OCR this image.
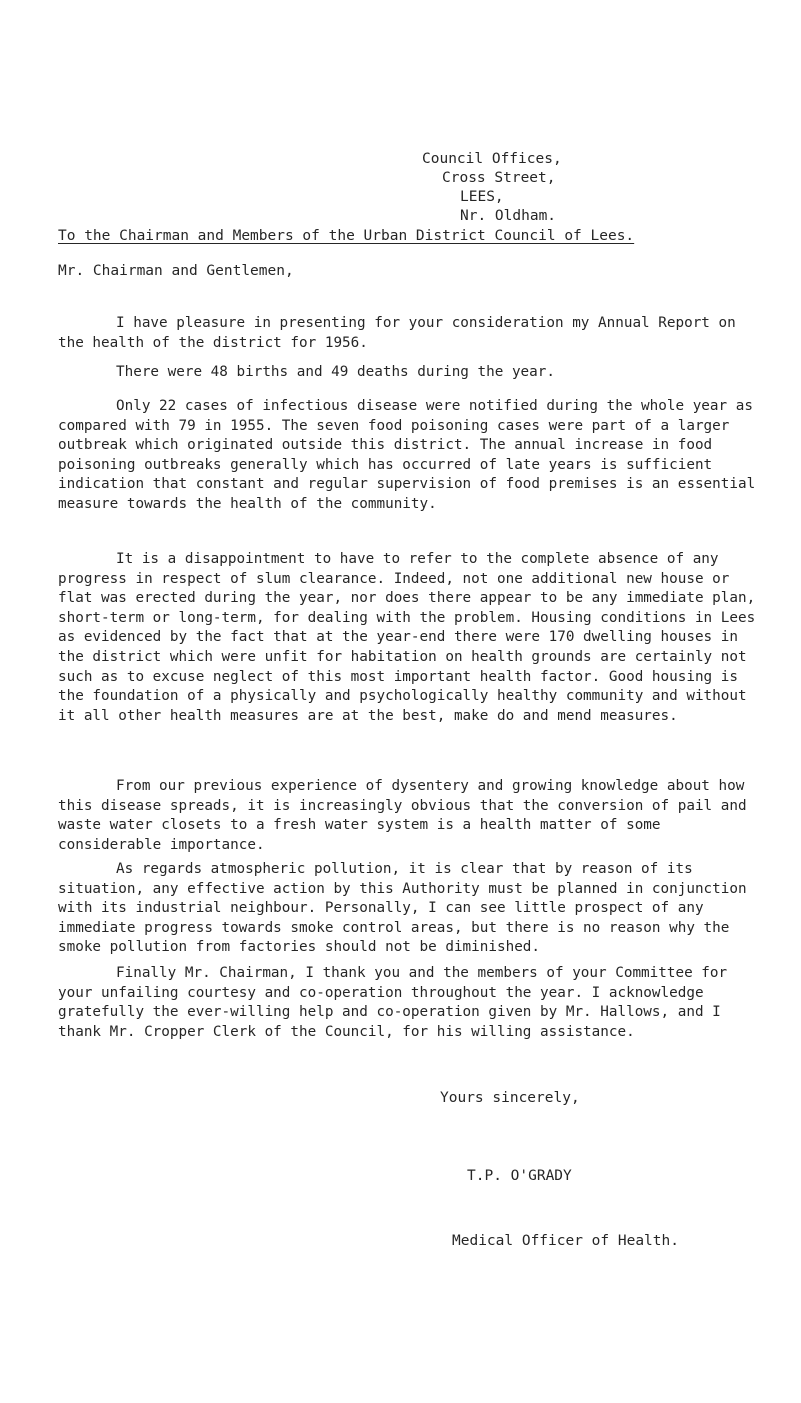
Council Offices,
Cross Street,
LEES,
Nr. Oldham.
To the Chairman and Members of the Urban District Council of Lees.
Mr. Chairman and Gentlemen,

I have pleasure in presenting for your consideration my Annual Report on the health of the district for 1956.

There were 48 births and 49 deaths during the year.

Only 22 cases of infectious disease were notified during the whole year as compared with 79 in 1955. The seven food poisoning cases were part of a larger outbreak which originated outside this district. The annual increase in food poisoning outbreaks generally which has occurred of late years is sufficient indication that constant and regular supervision of food premises is an essential measure towards the health of the community.

It is a disappointment to have to refer to the complete absence of any progress in respect of slum clearance. Indeed, not one additional new house or flat was erected during the year, nor does there appear to be any immediate plan, short-term or long-term, for dealing with the problem. Housing conditions in Lees as evidenced by the fact that at the year-end there were 170 dwelling houses in the district which were unfit for habitation on health grounds are certainly not such as to excuse neglect of this most important health factor. Good housing is the foundation of a physically and psychologically healthy community and without it all other health measures are at the best, make do and mend measures.

From our previous experience of dysentery and growing knowledge about how this disease spreads, it is increasingly obvious that the conversion of pail and waste water closets to a fresh water system is a health matter of some considerable importance.

As regards atmospheric pollution, it is clear that by reason of its situation, any effective action by this Authority must be planned in conjunction with its industrial neighbour. Personally, I can see little prospect of any immediate progress towards smoke control areas, but there is no reason why the smoke pollution from factories should not be diminished.

Finally Mr. Chairman, I thank you and the members of your Committee for your unfailing courtesy and co-operation throughout the year. I acknowledge gratefully the ever-willing help and co-operation given by Mr. Hallows, and I thank Mr. Cropper Clerk of the Council, for his willing assistance.

Yours sincerely,
T.P. O'GRADY
Medical Officer of Health.
